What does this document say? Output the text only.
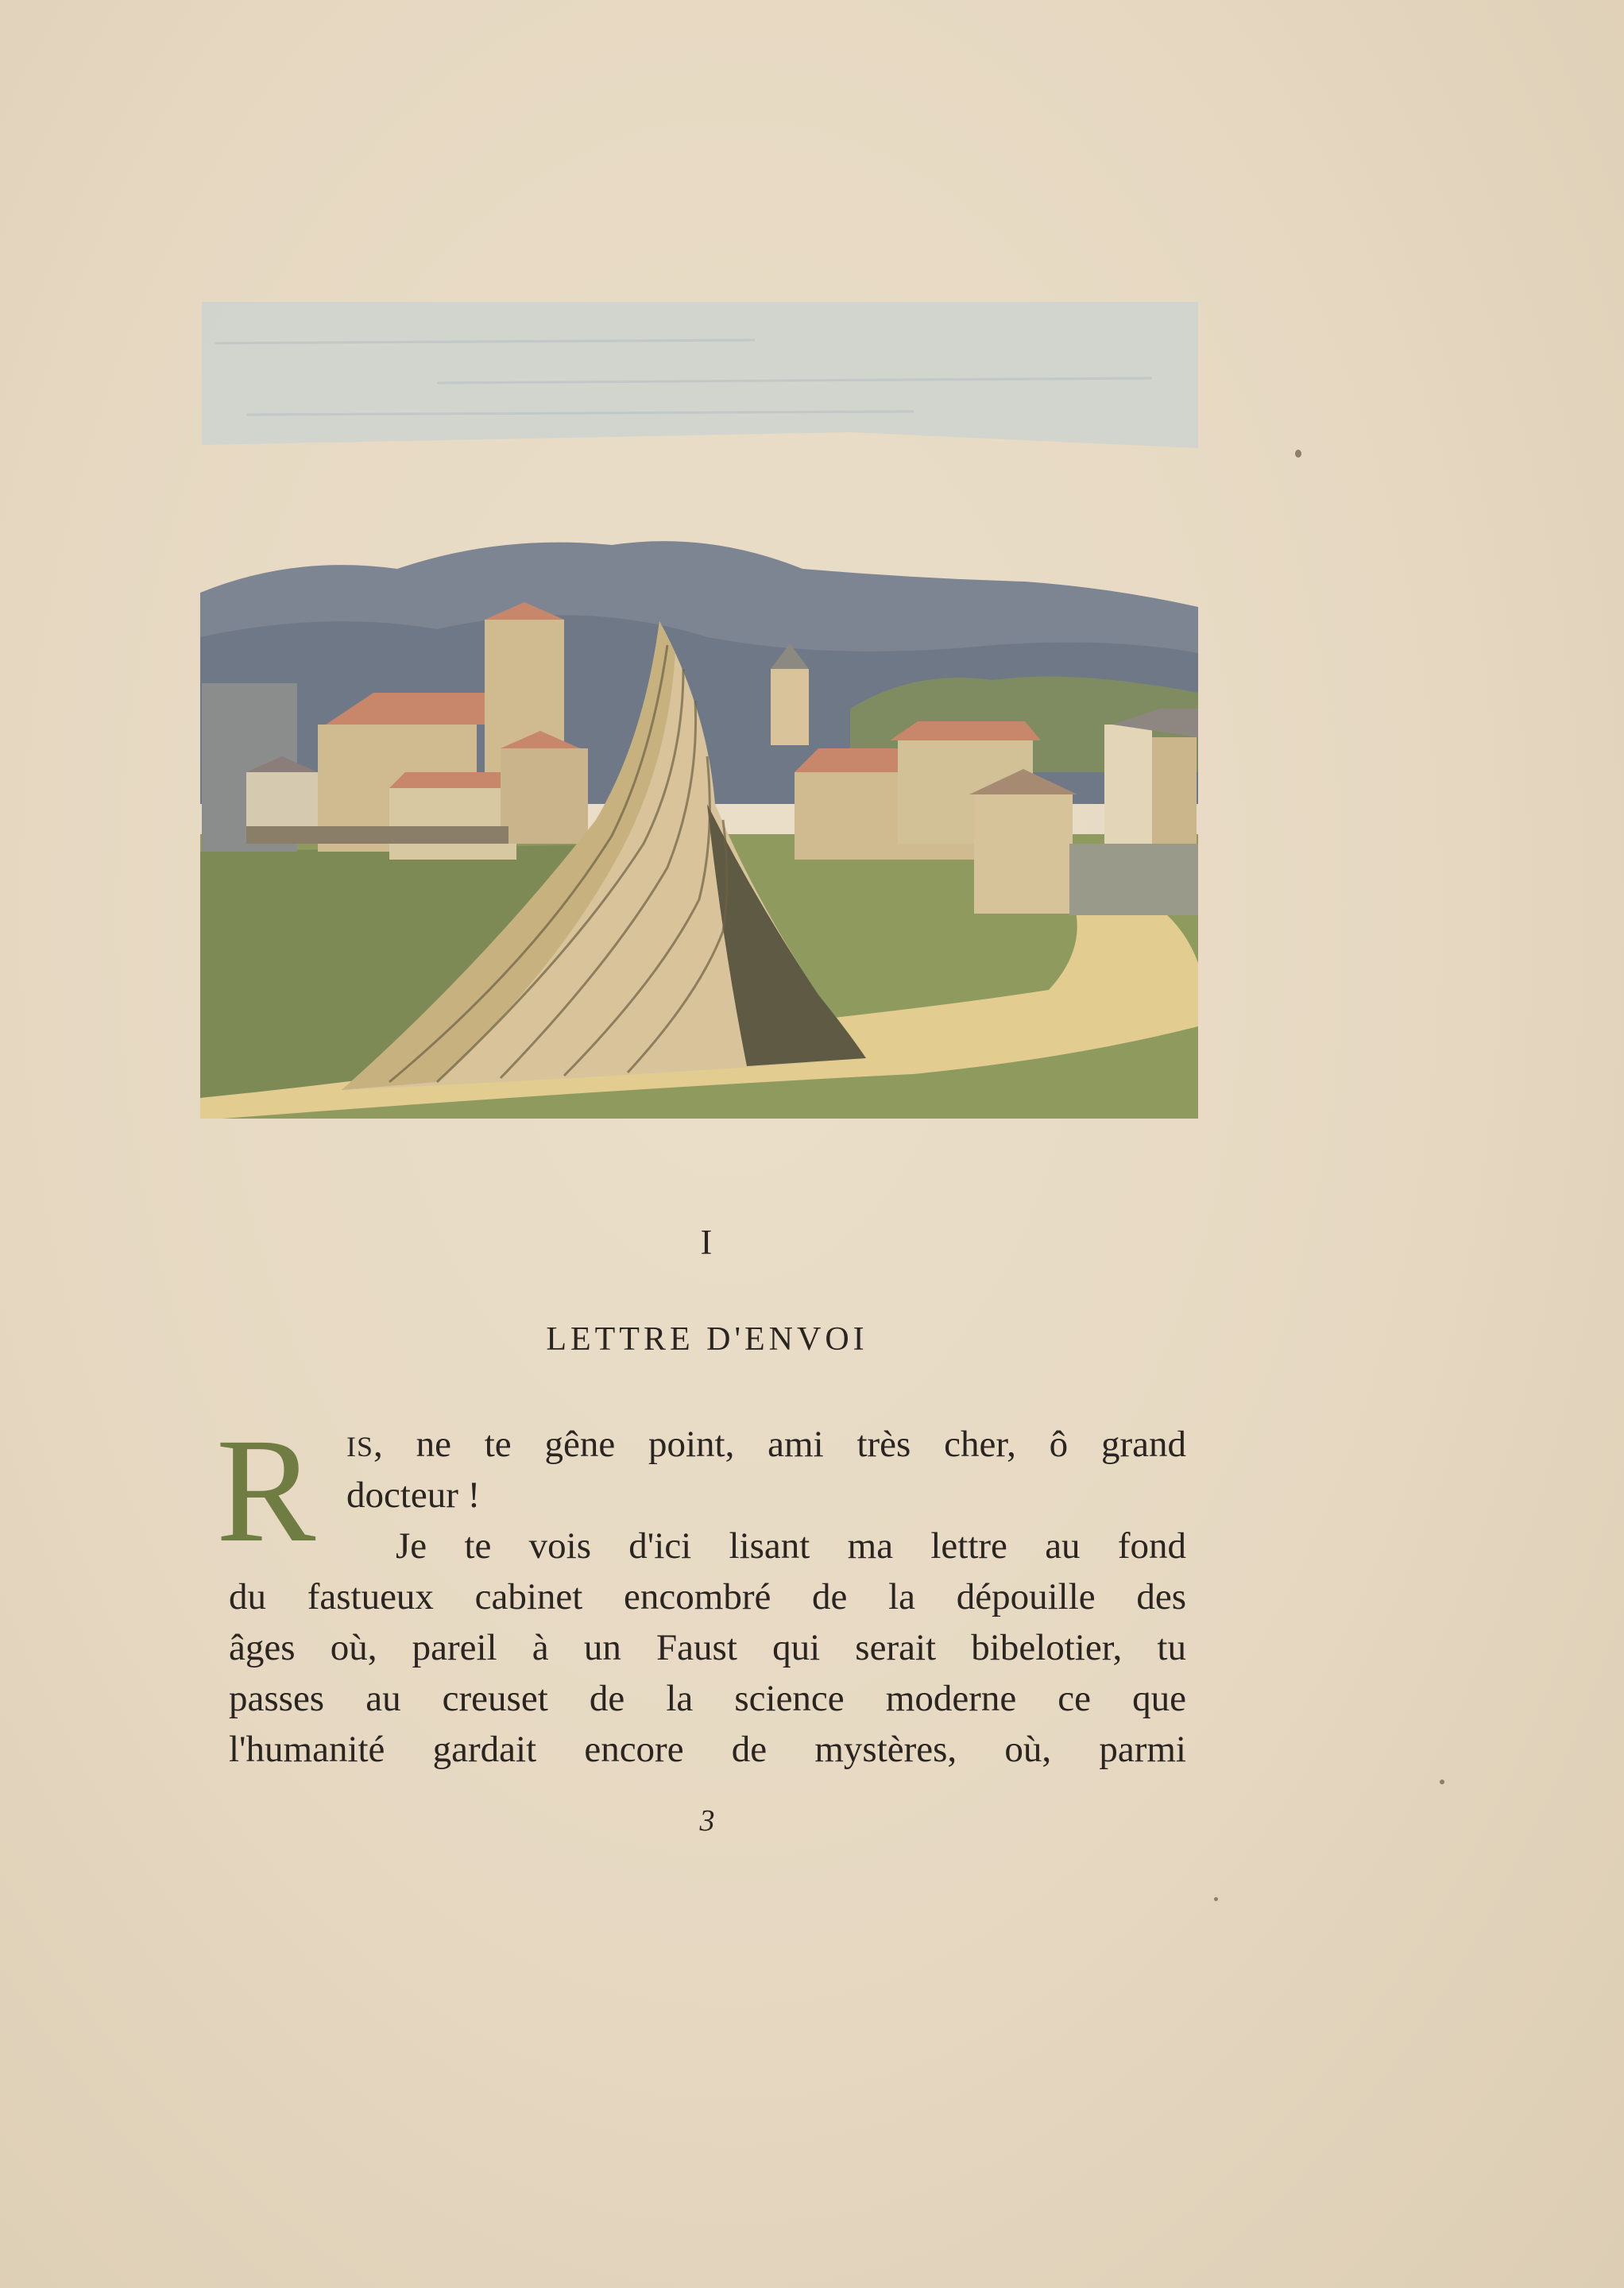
I
LETTRE D'ENVOI
R	IS, ne te gêne point, ami très cher, ô grand
docteur !
Je te vois d'ici lisant ma lettre au fond
du fastueux cabinet encombré de la dépouille des
âges où, pareil à un Faust qui serait bibelotier, tu
passes au creuset de la science moderne ce que
l'humanité gardait encore de mystères, où, parmi
3
